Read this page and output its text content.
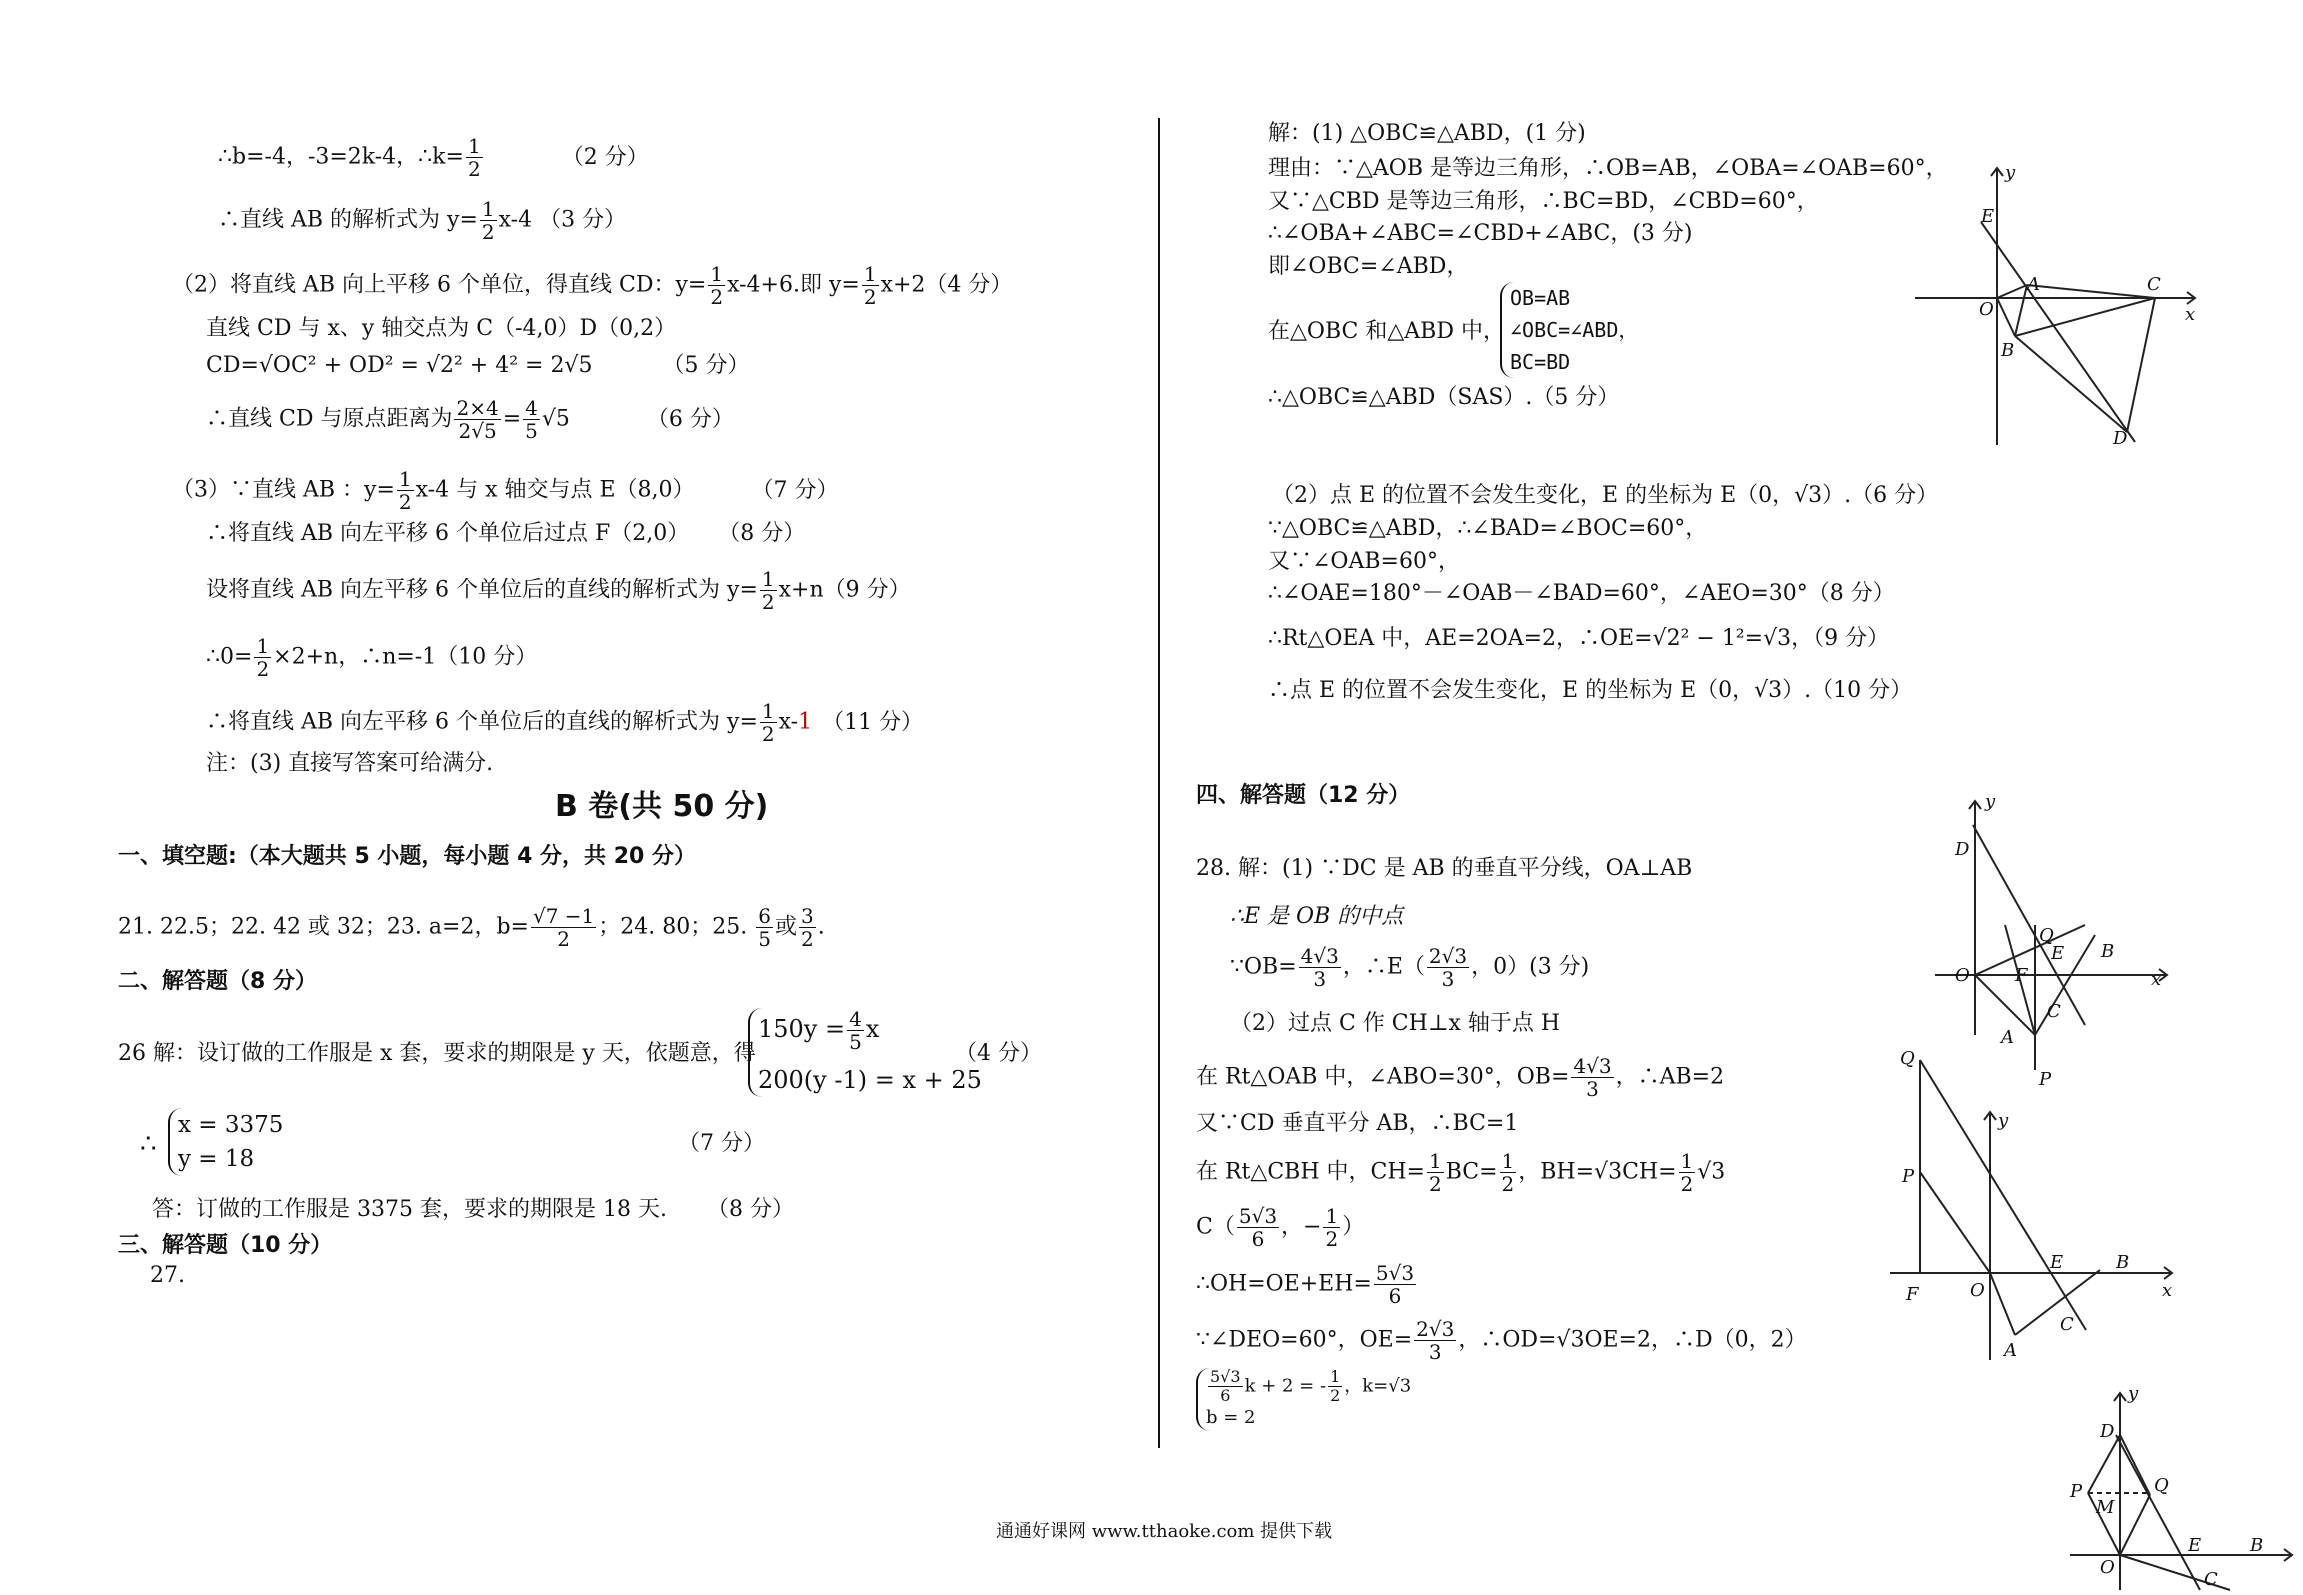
∴b=-4，-3=2k-4，∴k= $\frac{1}{2}$	（2 分）
∴直线 AB 的解析式为 $y= \frac{1}{2} x-4$ （3 分）
（2）将直线 AB 向上平移 6 个单位，得直线 CD：$y= \frac{1}{2} x-4+6$.即 $y= \frac{1}{2} x+2(4$ 分）
直线 CD 与 x、y 轴交点为 C（-4,0）D（0,2）
CD=√OC² + OD² = √2² + 4² = 2√5	（5 分）
∴直线 CD 与原点距离为 $\frac{2\times 4}{2√5} = \frac{4}{5} √5$	（6 分）
（3）∵直线 AB ：$y= \frac{1}{2} x-4$ 与 x 轴交与点 E（8,0）	（7 分）
∴将直线 AB 向左平移 6 个单位后过点 F（2,0） （8 分）
设将直线 AB 向左平移 6 个单位后的直线的解析式为 $y= \frac{1}{2} x+n(9$ 分）
∴0= $\frac{1}{2} \times 2+n$，∴n=-1（10 分）
∴将直线 AB 向左平移 6 个单位后的直线的解析式为 $y= \frac{1}{2} x-1$ （11 分）
注：(3) 直接写答案可给满分.
B 卷(共 50 分)
一、填空题:（本大题共 5 小题，每小题 4 分，共 20 分）
21. 22.5；22. 42 或 32；23. a=2，$b= \frac{√7 -1}{2}$ ；24. 80；25. $\frac{6}{5}$ 或 $\frac{3}{2}$ .
二、解答题（8 分）
26 解：设订做的工作服是 x 套，要求的期限是 y 天，依题意，得
$150y = \frac{4}{5}$ x
200(y -1) = x + 25
（4 分）
∴
x = 3375
y = 18
（7 分）
答：订做的工作服是 3375 套，要求的期限是 18 天. （8 分）
三、解答题（10 分）
27.
解：(1) △OBC≌△ABD，(1 分)
理由：∵△AOB 是等边三角形，∴OB=AB，∠OBA=∠OAB=60°，
又∵△CBD 是等边三角形，∴BC=BD，∠CBD=60°，
∴∠OBA+∠ABC=∠CBD+∠ABC，(3 分)
即∠OBC=∠ABD，
在△OBC 和△ABD 中，
OB=AB
∠OBC=∠ABD，
BC=BD
∴△OBC≌△ABD（SAS）.（5 分）
（2）点 E 的位置不会发生变化，E 的坐标为 E（0，√3）.（6 分）
∵△OBC≌△ABD，∴∠BAD=∠BOC=60°，
又∵∠OAB=60°，
∴∠OAE=180°－∠OAB－∠BAD=60°，∠AEO=30°（8 分）
∴Rt△OEA 中，AE=2OA=2，∴OE=√2² − 1²=√3，（9 分）
∴点 E 的位置不会发生变化，E 的坐标为 E（0，√3）.（10 分）
四、解答题（12 分）
28. 解：(1) ∵DC 是 AB 的垂直平分线，OA⊥AB
∴E 是 OB 的中点
∵OB= $\frac{4√3}{3}$ ，∴E（ $\frac{2√3}{3}$ ，0）(3 分)
（2）过点 C 作 CH⊥x 轴于点 H
在 Rt△OAB 中，∠ABO=30°，$OB= \frac{4√3}{3}$ ，∴AB=2
又∵CD 垂直平分 AB，∴BC=1
在 Rt△CBH 中，$CH= \frac{1}{2} BC= \frac{1}{2}$ ，$BH=√3CH= \frac{1}{2} √3$
$C( \frac{5√3}{6}$ ，− $\frac{1}{2}$ ）
∴OH=OE+EH= $\frac{5√3}{6}$
∵∠DEO=60°，$OE= \frac{2√3}{3}$ ，∴OD=√3OE=2，∴D（0，2）
$\frac{5√3}{6}$ k + 2 = - $\frac{1}{2}$ ，k=√3
b = 2
通通好课网 www.tthaoke.com 提供下载
y
E
A	C
O	x
B
D
y
D
Q
E B
O	F	x
C
A
P
Q
y
P
E	B
F	O	x
C
A
y
D
P
M
Q
O
E	B
C
